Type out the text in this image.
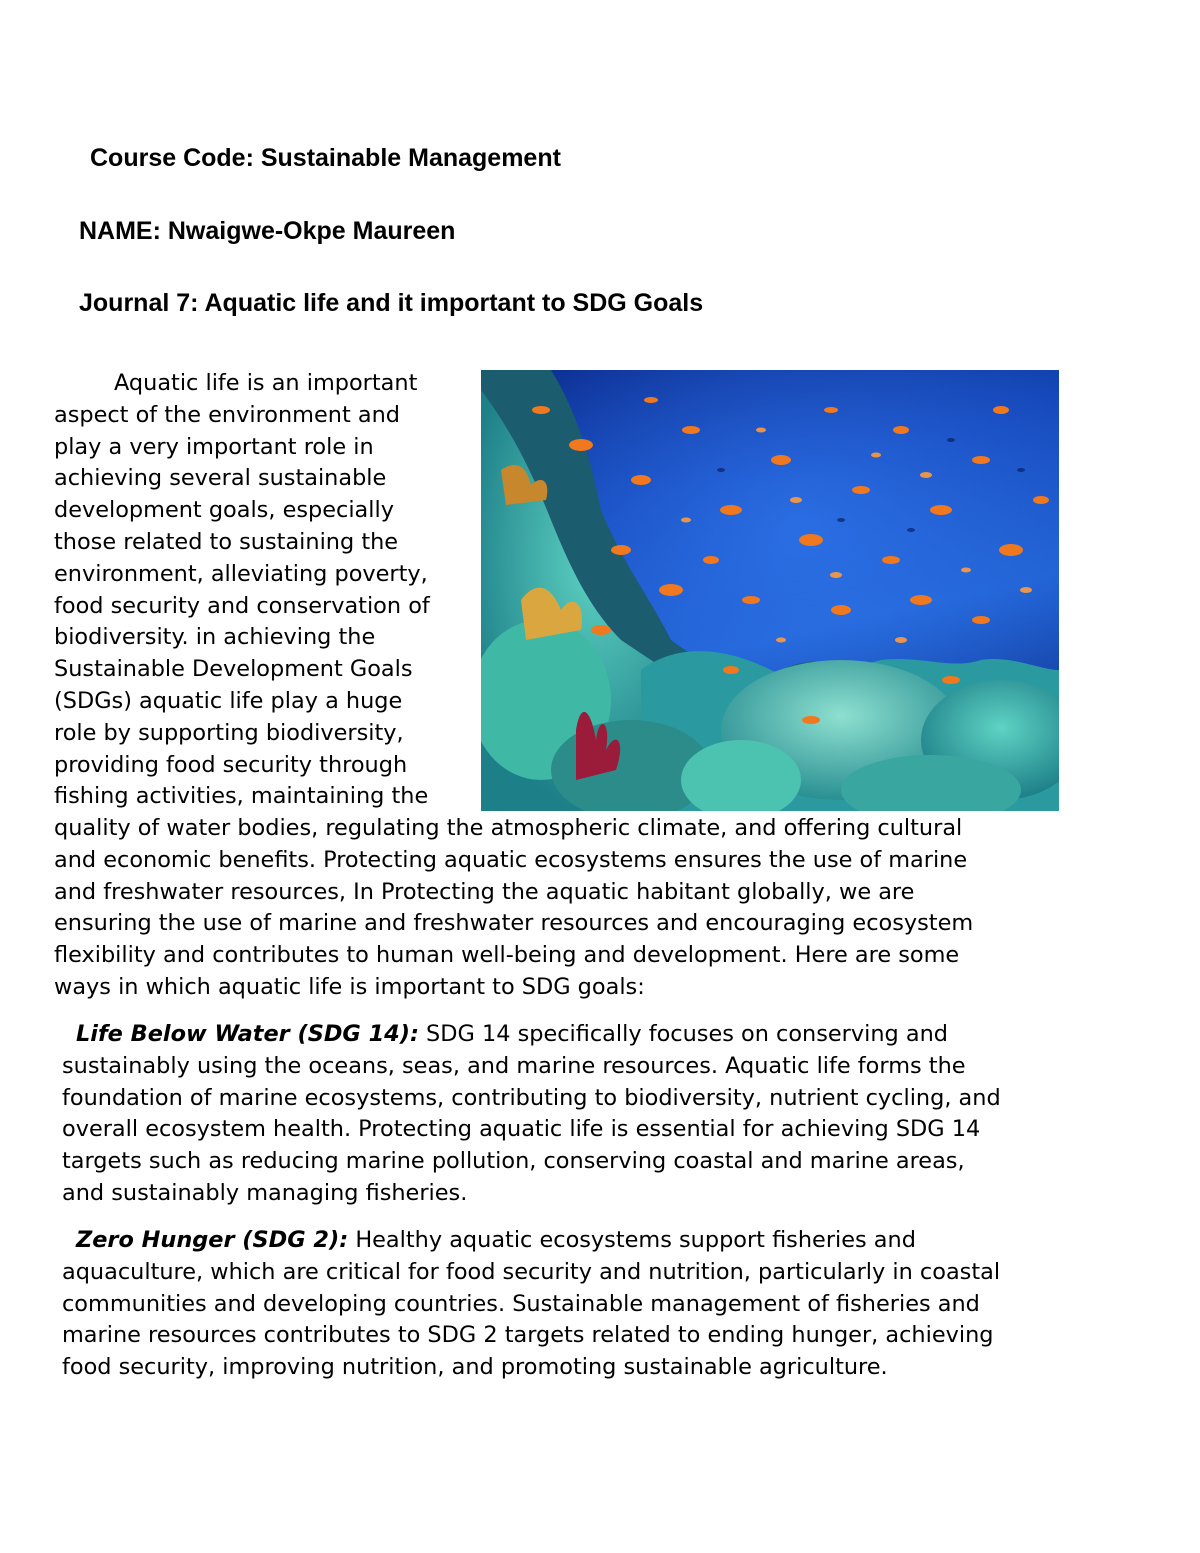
Course Code: Sustainable Management
NAME: Nwaigwe-Okpe Maureen
Journal 7: Aquatic life and it important to SDG Goals
Aquatic life is an important
aspect of the environment and
play a very important role in
achieving several sustainable
development goals, especially
those related to sustaining the
environment, alleviating poverty,
food security and conservation of
biodiversity. in achieving the
Sustainable Development Goals
(SDGs) aquatic life play a huge
role by supporting biodiversity,
providing food security through
fishing activities, maintaining the
quality of water bodies, regulating the atmospheric climate, and offering cultural
and economic benefits. Protecting aquatic ecosystems ensures the use of marine
and freshwater resources, In Protecting the aquatic habitant globally, we are
ensuring the use of marine and freshwater resources and encouraging ecosystem
flexibility and contributes to human well-being and development. Here are some
ways in which aquatic life is important to SDG goals:
Life Below Water (SDG 14): SDG 14 specifically focuses on conserving and
sustainably using the oceans, seas, and marine resources. Aquatic life forms the
foundation of marine ecosystems, contributing to biodiversity, nutrient cycling, and
overall ecosystem health. Protecting aquatic life is essential for achieving SDG 14
targets such as reducing marine pollution, conserving coastal and marine areas,
and sustainably managing fisheries.
Zero Hunger (SDG 2): Healthy aquatic ecosystems support fisheries and
aquaculture, which are critical for food security and nutrition, particularly in coastal
communities and developing countries. Sustainable management of fisheries and
marine resources contributes to SDG 2 targets related to ending hunger, achieving
food security, improving nutrition, and promoting sustainable agriculture.
